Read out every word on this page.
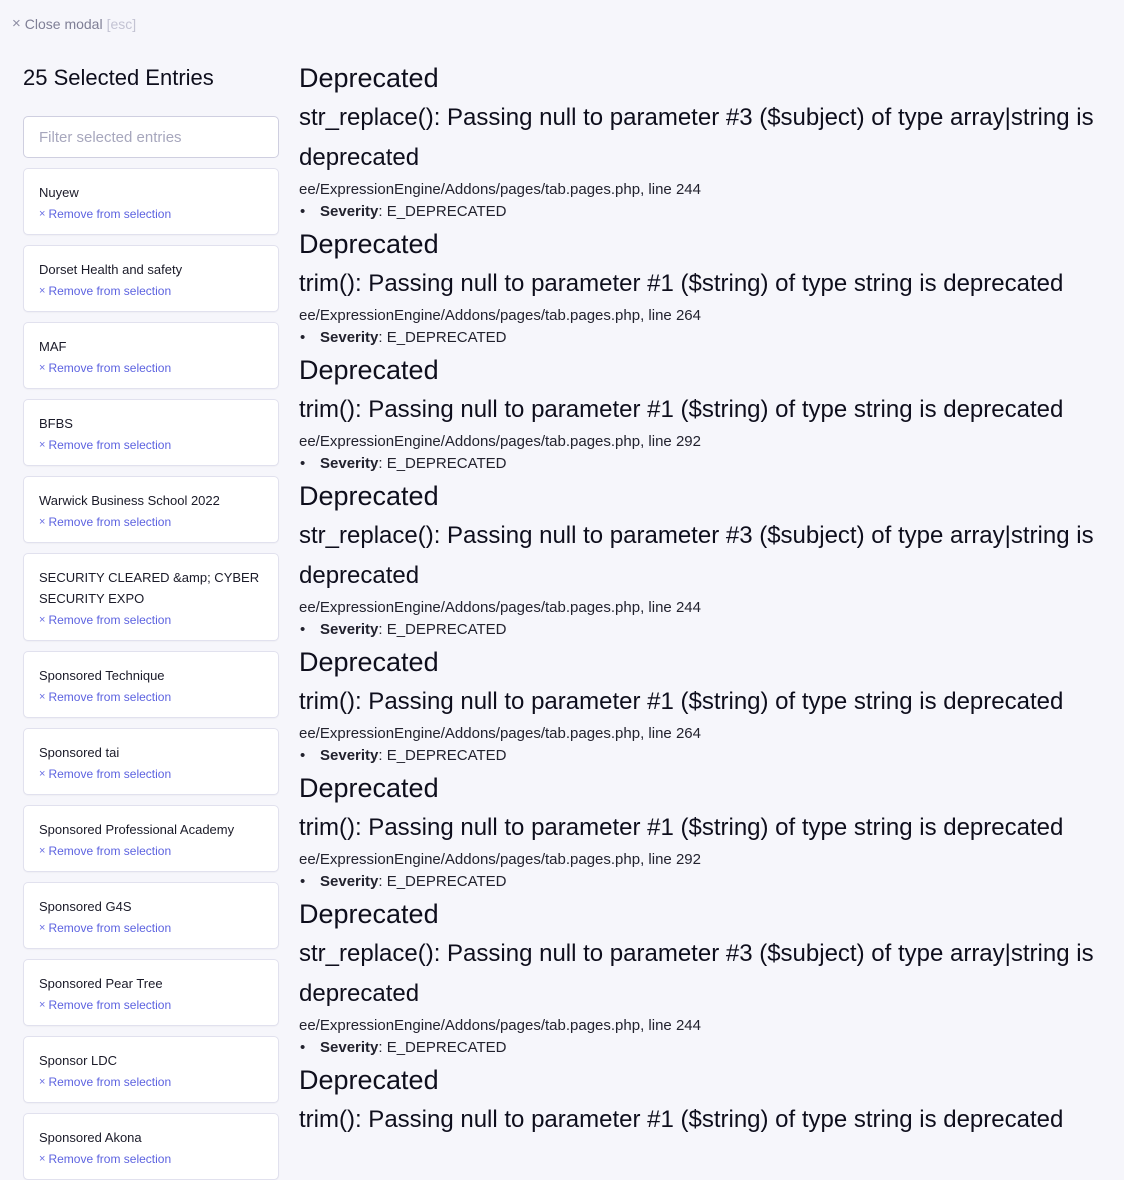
× Close modal [esc]
25 Selected Entries
Filter selected entries
Nuyew
× Remove from selection
Dorset Health and safety
× Remove from selection
MAF
× Remove from selection
BFBS
× Remove from selection
Warwick Business School 2022
× Remove from selection
SECURITY CLEARED &amp; CYBER SECURITY EXPO
× Remove from selection
Sponsored Technique
× Remove from selection
Sponsored tai
× Remove from selection
Sponsored Professional Academy
× Remove from selection
Sponsored G4S
× Remove from selection
Sponsored Pear Tree
× Remove from selection
Sponsor LDC
× Remove from selection
Sponsored Akona
× Remove from selection
Deprecated

str_replace(): Passing null to parameter #3 ($subject) of type array|string is deprecated

ee/ExpressionEngine/Addons/pages/tab.pages.php, line 244
• Severity: E_DEPRECATED
Deprecated

trim(): Passing null to parameter #1 ($string) of type string is deprecated

ee/ExpressionEngine/Addons/pages/tab.pages.php, line 264
• Severity: E_DEPRECATED
Deprecated

trim(): Passing null to parameter #1 ($string) of type string is deprecated

ee/ExpressionEngine/Addons/pages/tab.pages.php, line 292
• Severity: E_DEPRECATED
Deprecated

str_replace(): Passing null to parameter #3 ($subject) of type array|string is deprecated

ee/ExpressionEngine/Addons/pages/tab.pages.php, line 244
• Severity: E_DEPRECATED
Deprecated

trim(): Passing null to parameter #1 ($string) of type string is deprecated

ee/ExpressionEngine/Addons/pages/tab.pages.php, line 264
• Severity: E_DEPRECATED
Deprecated

trim(): Passing null to parameter #1 ($string) of type string is deprecated

ee/ExpressionEngine/Addons/pages/tab.pages.php, line 292
• Severity: E_DEPRECATED
Deprecated

str_replace(): Passing null to parameter #3 ($subject) of type array|string is deprecated

ee/ExpressionEngine/Addons/pages/tab.pages.php, line 244
• Severity: E_DEPRECATED
Deprecated

trim(): Passing null to parameter #1 ($string) of type string is deprecated
